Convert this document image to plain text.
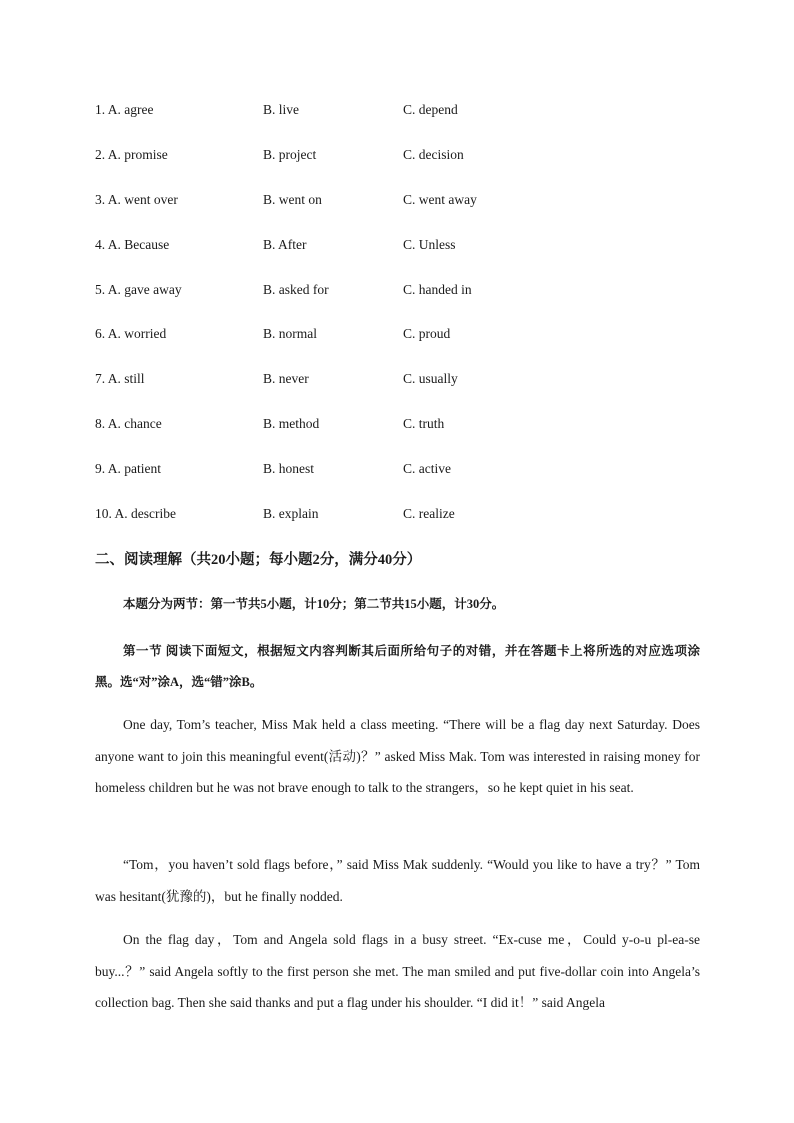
1. A. agree	B. live	C. depend
2. A. promise	B. project	C. decision
3. A. went over	B. went on	C. went away
4. A. Because	B. After	C. Unless
5. A. gave away	B. asked for	C. handed in
6. A. worried	B. normal	C. proud
7. A. still	B. never	C. usually
8. A. chance	B. method	C. truth
9. A. patient	B. honest	C. active
10. A. describe	B. explain	C. realize
二、阅读理解（共20小题；每小题2分，满分40分）
本题分为两节：第一节共5小题，计10分；第二节共15小题，计30分。
第一节 阅读下面短文，根据短文内容判断其后面所给句子的对错，并在答题卡上将所选的对应选项涂黑。选“对”涂A，选“错”涂B。

One day, Tom’s teacher, Miss Mak held a class meeting. “There will be a flag day next Saturday. Does anyone want to join this meaningful event(活动)？” asked Miss Mak. Tom was interested in raising money for homeless children but he was not brave enough to talk to the strangers，so he kept quiet in his seat.

“Tom，you haven’t sold flags before，” said Miss Mak suddenly. “Would you like to have a try？” Tom was hesitant(犹豫的)，but he finally nodded.

On the flag day，Tom and Angela sold flags in a busy street. “Ex-cuse me，Could y-o-u pl-ea-se buy...？” said Angela softly to the first person she met. The man smiled and put five-dollar coin into Angela’s collection bag. Then she said thanks and put a flag under his shoulder. “I did it！” said Angela
